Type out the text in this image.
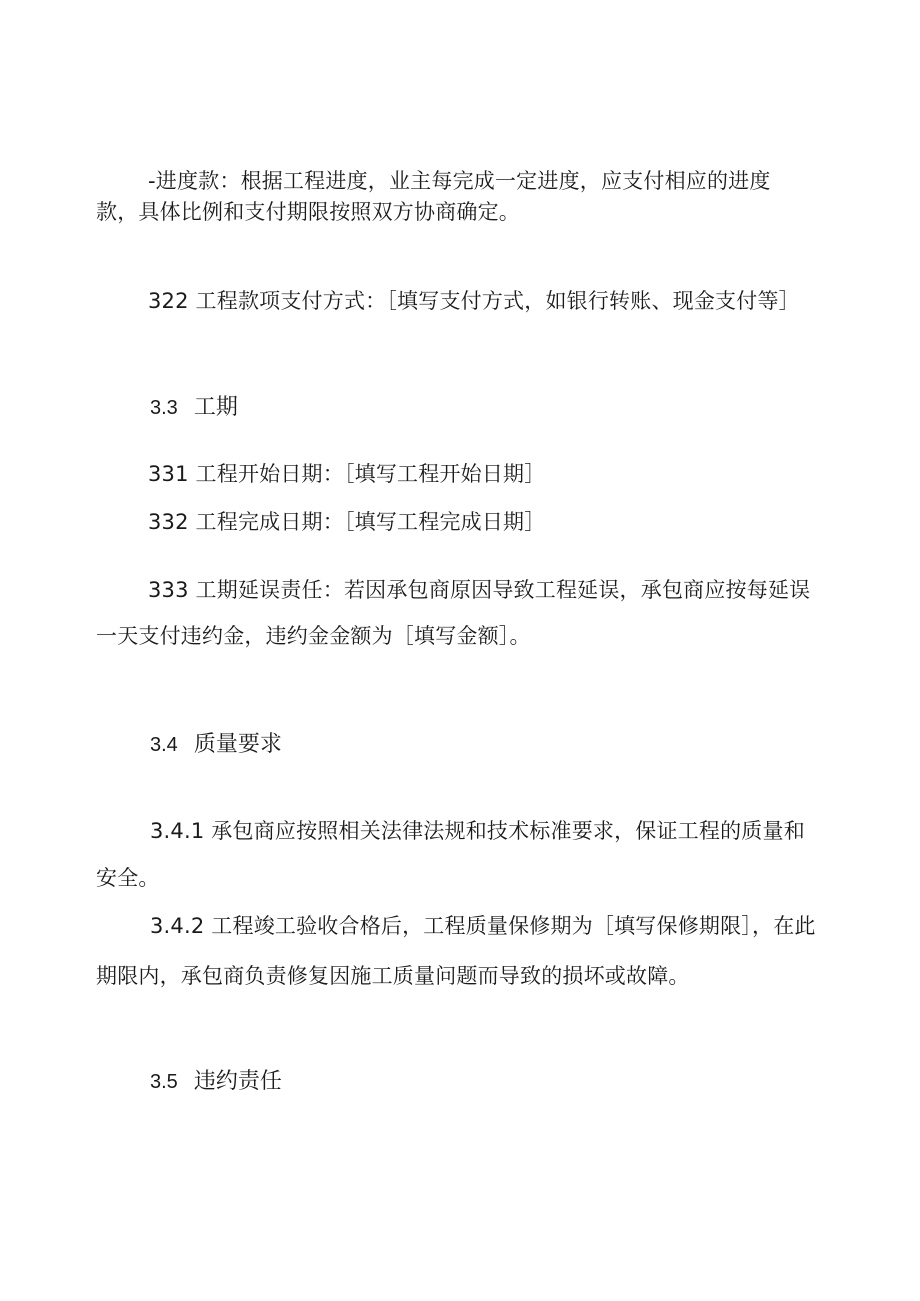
-进度款：根据工程进度，业主每完成一定进度，应支付相应的进度
款，具体比例和支付期限按照双方协商确定。
322 工程款项支付方式：［填写支付方式，如银行转账、现金支付等］
3.3 工期
331 工程开始日期：［填写工程开始日期］
332 工程完成日期：［填写工程完成日期］
333 工期延误责任：若因承包商原因导致工程延误，承包商应按每延误
一天支付违约金，违约金金额为［填写金额］。
3.4 质量要求
3.4.1 承包商应按照相关法律法规和技术标准要求，保证工程的质量和
安全。
3.4.2 工程竣工验收合格后，工程质量保修期为［填写保修期限］，在此
期限内，承包商负责修复因施工质量问题而导致的损坏或故障。
3.5 违约责任
